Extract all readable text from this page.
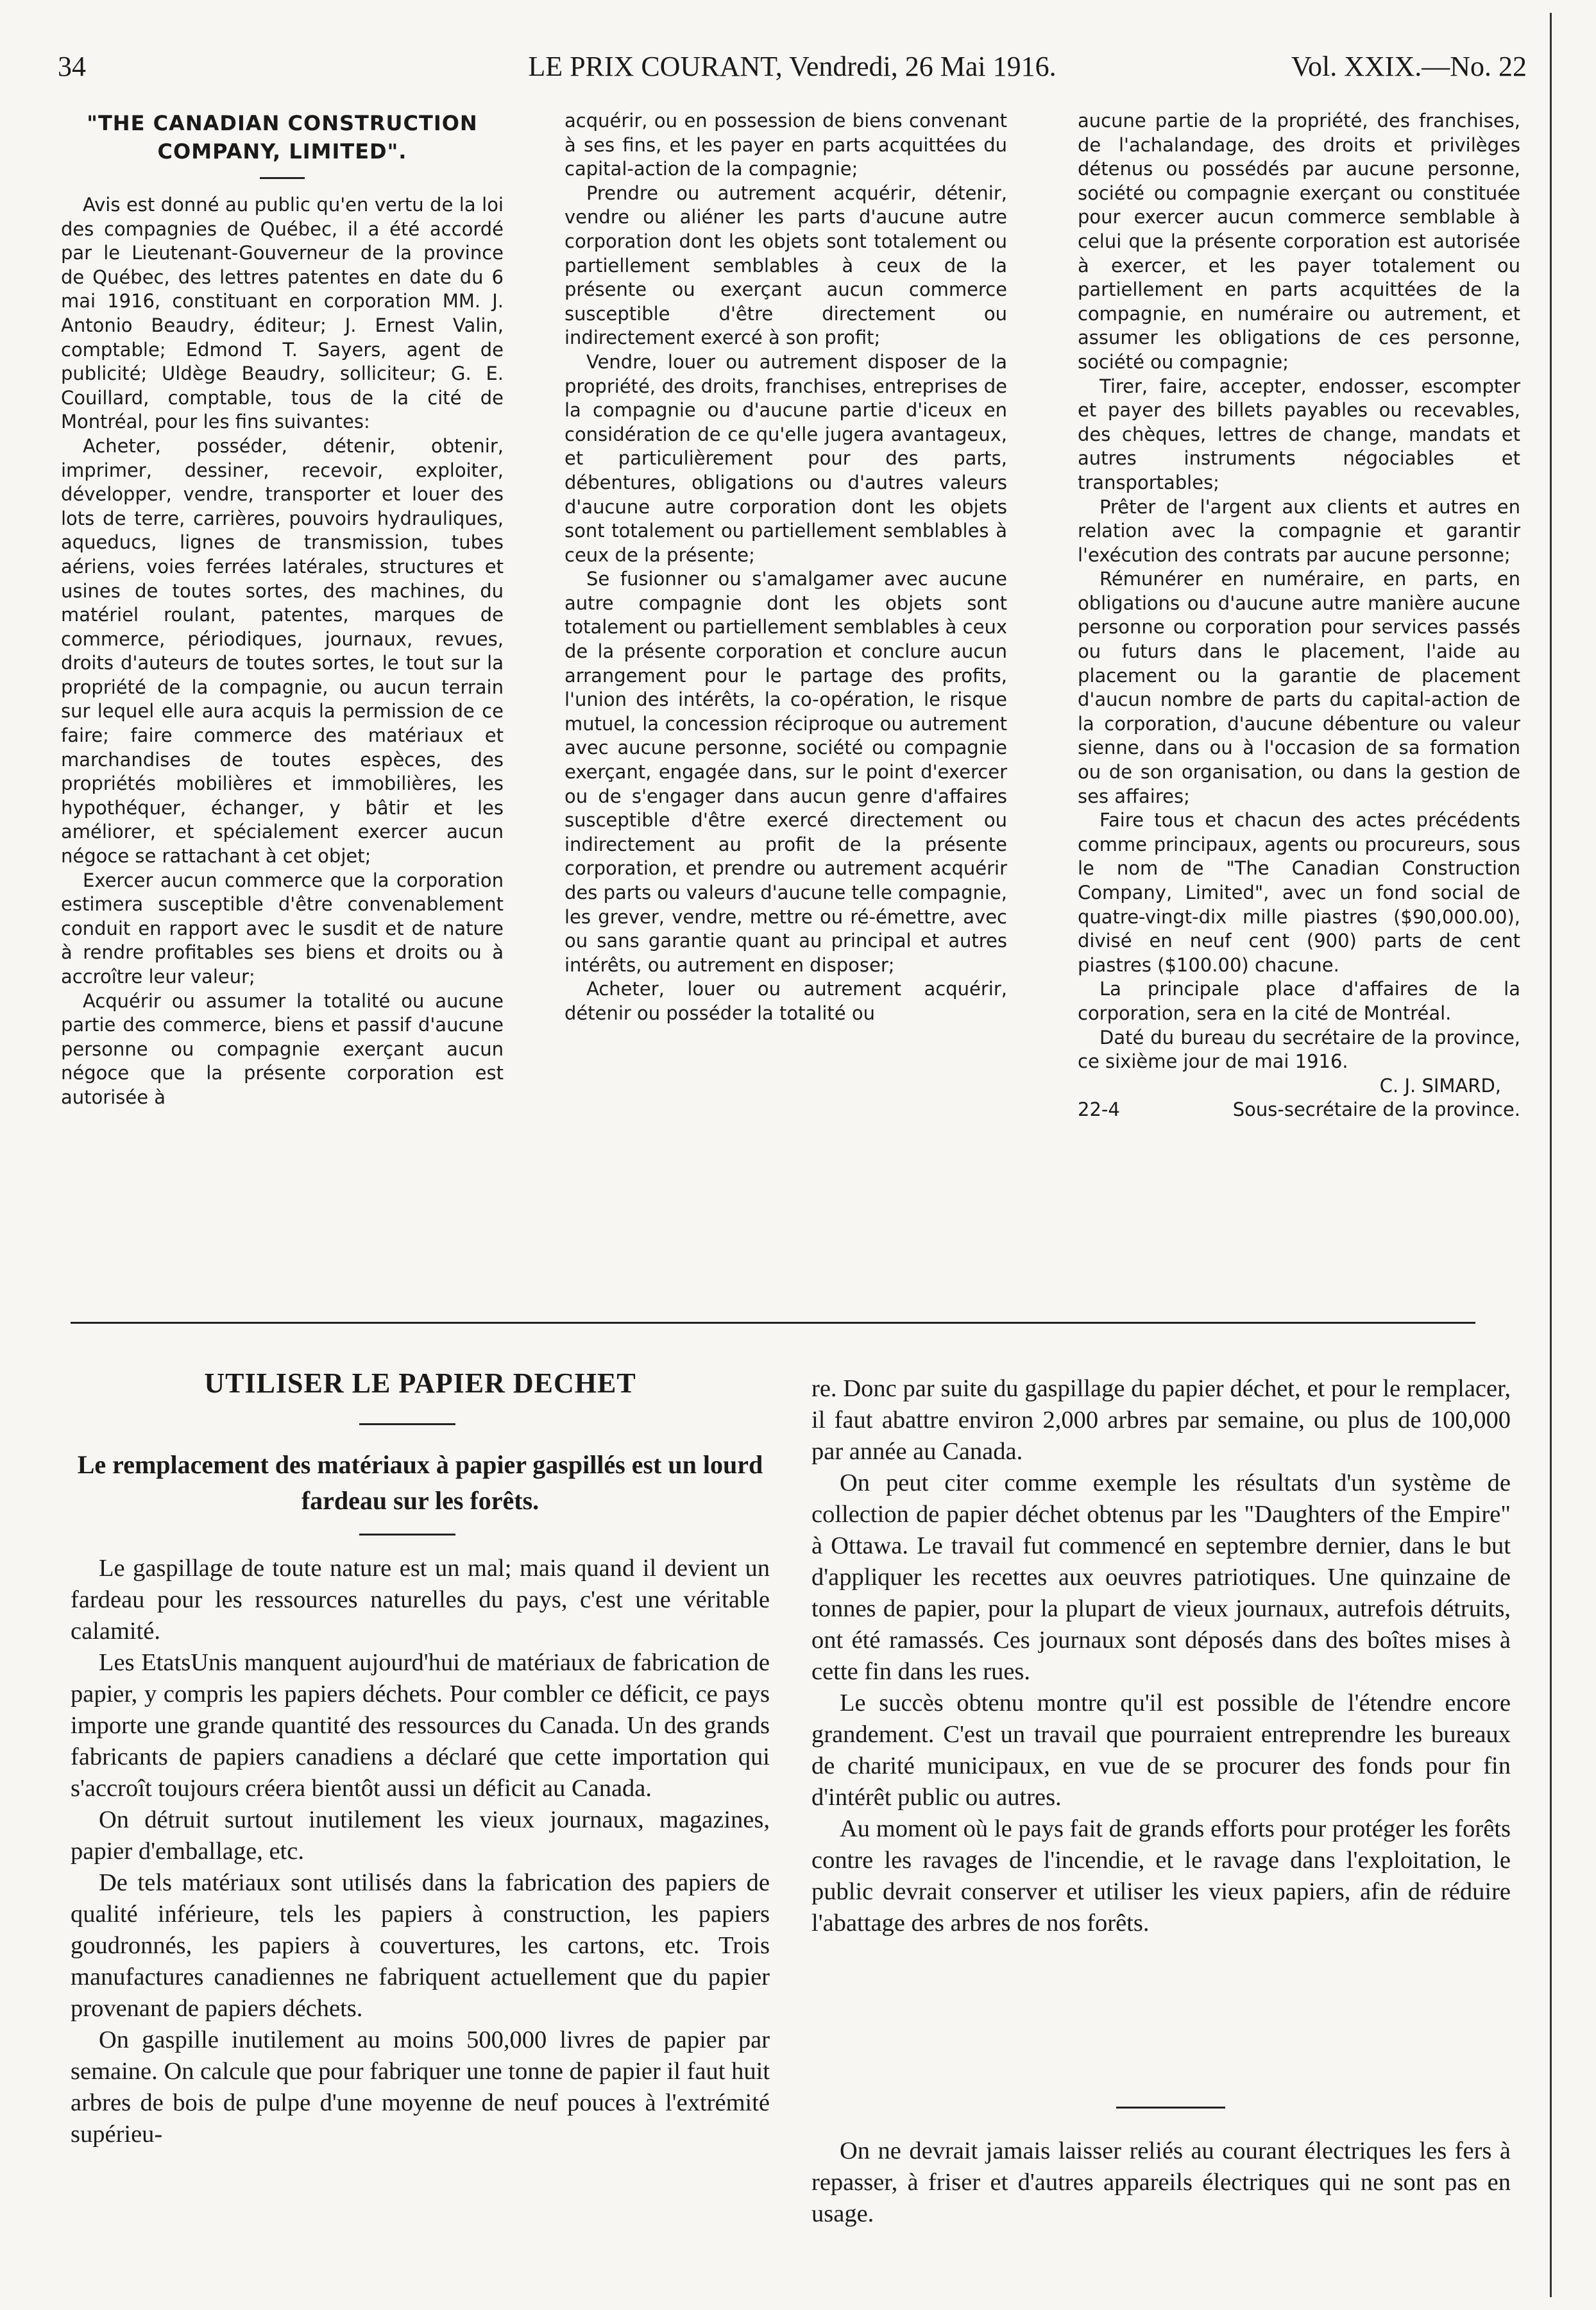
34	LE PRIX COURANT, Vendredi, 26 Mai 1916.	Vol. XXIX.—No. 22

"THE CANADIAN CONSTRUCTION COMPANY, LIMITED".

Avis est donné au public qu'en vertu de la loi des compagnies de Québec, il a été accordé par le Lieutenant-Gouverneur de la province de Québec, des lettres patentes en date du 6 mai 1916, constituant en corporation MM. J. Antonio Beaudry, éditeur; J. Ernest Valin, comptable; Edmond T. Sayers, agent de publicité; Uldège Beaudry, solliciteur; G. E. Couillard, comptable, tous de la cité de Montréal, pour les fins suivantes:

Acheter, posséder, détenir, obtenir, imprimer, dessiner, recevoir, exploiter, développer, vendre, transporter et louer des lots de terre, carrières, pouvoirs hydrauliques, aqueducs, lignes de transmission, tubes aériens, voies ferrées latérales, structures et usines de toutes sortes, des machines, du matériel roulant, patentes, marques de commerce, périodiques, journaux, revues, droits d'auteurs de toutes sortes, le tout sur la propriété de la compagnie, ou aucun terrain sur lequel elle aura acquis la permission de ce faire; faire commerce des matériaux et marchandises de toutes espèces, des propriétés mobilières et immobilières, les hypothéquer, échanger, y bâtir et les améliorer, et spécialement exercer aucun négoce se rattachant à cet objet;

Exercer aucun commerce que la corporation estimera susceptible d'être convenablement conduit en rapport avec le susdit et de nature à rendre profitables ses biens et droits ou à accroître leur valeur;

Acquérir ou assumer la totalité ou aucune partie des commerce, biens et passif d'aucune personne ou compagnie exerçant aucun négoce que la présente corporation est autorisée à

acquérir, ou en possession de biens convenant à ses fins, et les payer en parts acquittées du capital-action de la compagnie;

Prendre ou autrement acquérir, détenir, vendre ou aliéner les parts d'aucune autre corporation dont les objets sont totalement ou partiellement semblables à ceux de la présente ou exerçant aucun commerce susceptible d'être directement ou indirectement exercé à son profit;

Vendre, louer ou autrement disposer de la propriété, des droits, franchises, entreprises de la compagnie ou d'aucune partie d'iceux en considération de ce qu'elle jugera avantageux, et particulièrement pour des parts, débentures, obligations ou d'autres valeurs d'aucune autre corporation dont les objets sont totalement ou partiellement semblables à ceux de la présente;

Se fusionner ou s'amalgamer avec aucune autre compagnie dont les objets sont totalement ou partiellement semblables à ceux de la présente corporation et conclure aucun arrangement pour le partage des profits, l'union des intérêts, la co-opération, le risque mutuel, la concession réciproque ou autrement avec aucune personne, société ou compagnie exerçant, engagée dans, sur le point d'exercer ou de s'engager dans aucun genre d'affaires susceptible d'être exercé directement ou indirectement au profit de la présente corporation, et prendre ou autrement acquérir des parts ou valeurs d'aucune telle compagnie, les grever, vendre, mettre ou ré-émettre, avec ou sans garantie quant au principal et autres intérêts, ou autrement en disposer;

Acheter, louer ou autrement acquérir, détenir ou posséder la totalité ou

aucune partie de la propriété, des franchises, de l'achalandage, des droits et privilèges détenus ou possédés par aucune personne, société ou compagnie exerçant ou constituée pour exercer aucun commerce semblable à celui que la présente corporation est autorisée à exercer, et les payer totalement ou partiellement en parts acquittées de la compagnie, en numéraire ou autrement, et assumer les obligations de ces personne, société ou compagnie;

Tirer, faire, accepter, endosser, escompter et payer des billets payables ou recevables, des chèques, lettres de change, mandats et autres instruments négociables et transportables;

Prêter de l'argent aux clients et autres en relation avec la compagnie et garantir l'exécution des contrats par aucune personne;

Rémunérer en numéraire, en parts, en obligations ou d'aucune autre manière aucune personne ou corporation pour services passés ou futurs dans le placement, l'aide au placement ou la garantie de placement d'aucun nombre de parts du capital-action de la corporation, d'aucune débenture ou valeur sienne, dans ou à l'occasion de sa formation ou de son organisation, ou dans la gestion de ses affaires;

Faire tous et chacun des actes précédents comme principaux, agents ou procureurs, sous le nom de "The Canadian Construction Company, Limited", avec un fond social de quatre-vingt-dix mille piastres ($90,000.00), divisé en neuf cent (900) parts de cent piastres ($100.00) chacune.

La principale place d'affaires de la corporation, sera en la cité de Montréal.

Daté du bureau du secrétaire de la province, ce sixième jour de mai 1916.

C. J. SIMARD,

22-4	Sous-secrétaire de la province.
UTILISER LE PAPIER DECHET
Le remplacement des matériaux à papier gaspillés est un lourd fardeau sur les forêts.

Le gaspillage de toute nature est un mal; mais quand il devient un fardeau pour les ressources naturelles du pays, c'est une véritable calamité.

Les EtatsUnis manquent aujourd'hui de matériaux de fabrication de papier, y compris les papiers déchets. Pour combler ce déficit, ce pays importe une grande quantité des ressources du Canada. Un des grands fabricants de papiers canadiens a déclaré que cette importation qui s'accroît toujours créera bientôt aussi un déficit au Canada.

On détruit surtout inutilement les vieux journaux, magazines, papier d'emballage, etc.

De tels matériaux sont utilisés dans la fabrication des papiers de qualité inférieure, tels les papiers à construction, les papiers goudronnés, les papiers à couvertures, les cartons, etc. Trois manufactures canadiennes ne fabriquent actuellement que du papier provenant de papiers déchets.

On gaspille inutilement au moins 500,000 livres de papier par semaine. On calcule que pour fabriquer une tonne de papier il faut huit arbres de bois de pulpe d'une moyenne de neuf pouces à l'extrémité supérieu-

re. Donc par suite du gaspillage du papier déchet, et pour le remplacer, il faut abattre environ 2,000 arbres par semaine, ou plus de 100,000 par année au Canada.

On peut citer comme exemple les résultats d'un système de collection de papier déchet obtenus par les "Daughters of the Empire" à Ottawa. Le travail fut commencé en septembre dernier, dans le but d'appliquer les recettes aux oeuvres patriotiques. Une quinzaine de tonnes de papier, pour la plupart de vieux journaux, autrefois détruits, ont été ramassés. Ces journaux sont déposés dans des boîtes mises à cette fin dans les rues.

Le succès obtenu montre qu'il est possible de l'étendre encore grandement. C'est un travail que pourraient entreprendre les bureaux de charité municipaux, en vue de se procurer des fonds pour fin d'intérêt public ou autres.

Au moment où le pays fait de grands efforts pour protéger les forêts contre les ravages de l'incendie, et le ravage dans l'exploitation, le public devrait conserver et utiliser les vieux papiers, afin de réduire l'abattage des arbres de nos forêts.

On ne devrait jamais laisser reliés au courant électriques les fers à repasser, à friser et d'autres appareils électriques qui ne sont pas en usage.
